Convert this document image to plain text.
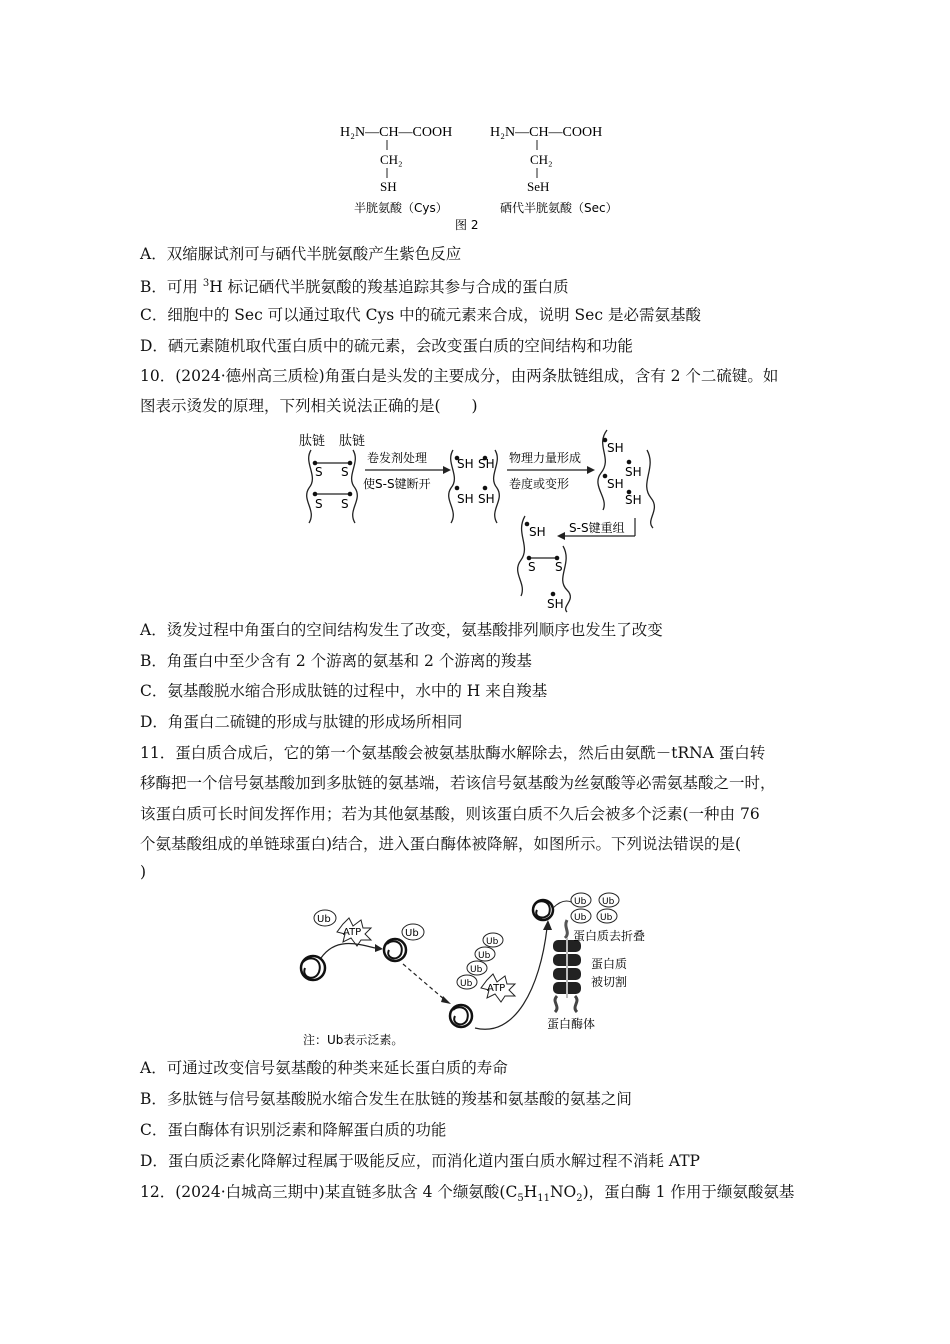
H₂N—CH—COOH
CH₂
SH
H₂N—CH—COOH
CH₂
SeH
半胱氨酸（Cys）	硒代半胱氨酸（Sec）
图 2
A．双缩脲试剂可与硒代半胱氨酸产生紫色反应
B．可用 $^3$H 标记硒代半胱氨酸的羧基追踪其参与合成的蛋白质
C．细胞中的 Sec 可以通过取代 Cys 中的硫元素来合成，说明 Sec 是必需氨基酸
D．硒元素随机取代蛋白质中的硫元素，会改变蛋白质的空间结构和功能
10．(2024·德州高三质检)角蛋白是头发的主要成分，由两条肽链组成，含有 2 个二硫键。如
图表示烫发的原理，下列相关说法正确的是(　　)
肽链 肽链
S S
S S
卷发剂处理
使S-S键断开
SH SH
SH SH
物理力量形成
卷度或变形
SH
SH
SH
SH
S-S键重组
SH
S S
SH
A．烫发过程中角蛋白的空间结构发生了改变，氨基酸排列顺序也发生了改变
B．角蛋白中至少含有 2 个游离的氨基和 2 个游离的羧基
C．氨基酸脱水缩合形成肽链的过程中，水中的 H 来自羧基
D．角蛋白二硫键的形成与肽键的形成场所相同
11．蛋白质合成后，它的第一个氨基酸会被氨基肽酶水解除去，然后由氨酰－tRNA 蛋白转
移酶把一个信号氨基酸加到多肽链的氨基端，若该信号氨基酸为丝氨酸等必需氨基酸之一时，
该蛋白质可长时间发挥作用；若为其他氨基酸，则该蛋白质不久后会被多个泛素(一种由 76
个氨基酸组成的单链球蛋白)结合，进入蛋白酶体被降解，如图所示。下列说法错误的是(
)
Ub
ATP	Ub
Ub
Ub
Ub
Ub
ATP
Ub Ub
Ub Ub
蛋白质去折叠
蛋白质
被切割
蛋白酶体
注：Ub表示泛素。
A．可通过改变信号氨基酸的种类来延长蛋白质的寿命
B．多肽链与信号氨基酸脱水缩合发生在肽链的羧基和氨基酸的氨基之间
C．蛋白酶体有识别泛素和降解蛋白质的功能
D．蛋白质泛素化降解过程属于吸能反应，而消化道内蛋白质水解过程不消耗 ATP
12．(2024·白城高三期中)某直链多肽含 4 个缬氨酸$(C_5H_{11}NO_2)$，蛋白酶 1 作用于缬氨酸氨基
